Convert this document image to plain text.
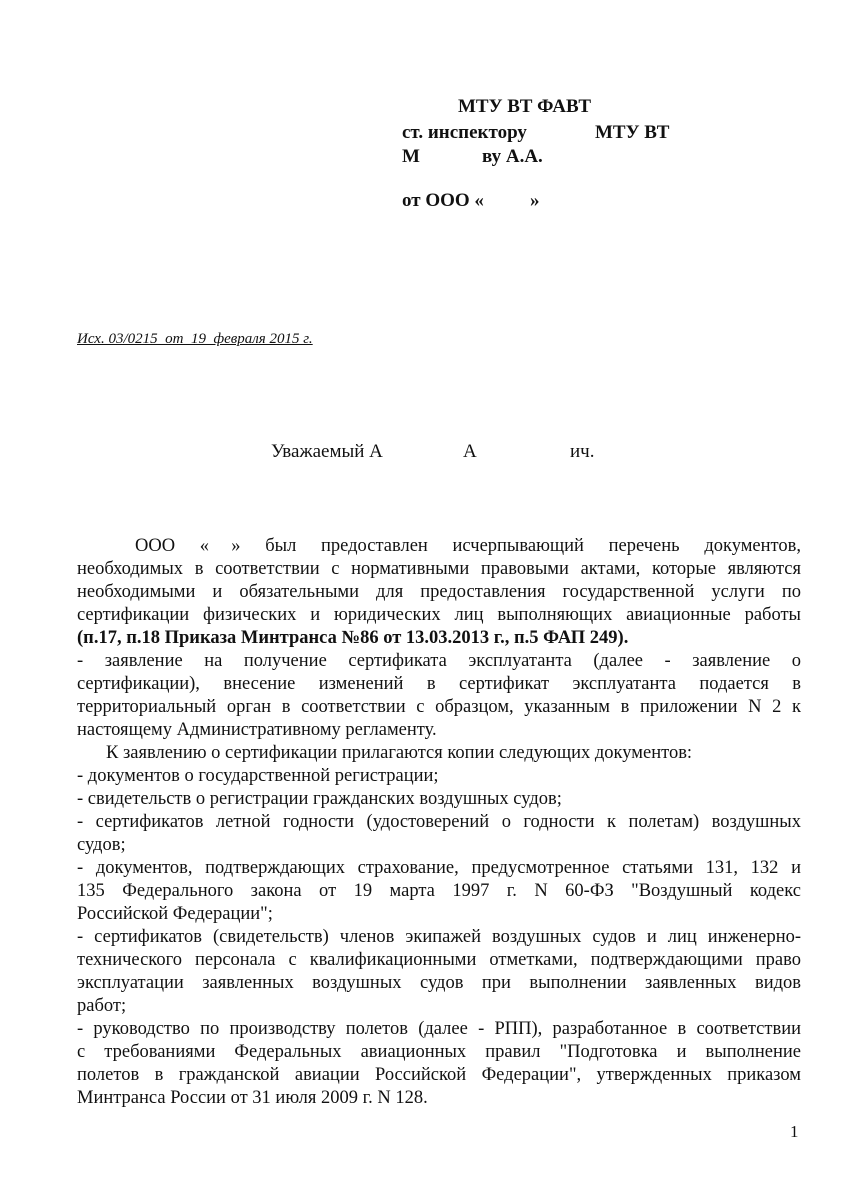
МТУ ВТ ФАВТ
ст. инспектору	МТУ ВТ
М	ву А.А.
от ООО « »
Исх. 03/0215  от  19  февраля 2015 г.
Уважаемый А	А	ич.
ООО «      » был предоставлен исчерпывающий перечень документов,
необходимых в соответствии с нормативными правовыми актами, которые являются
необходимыми и обязательными для предоставления государственной услуги по
сертификации физических и юридических лиц выполняющих авиационные работы
(п.17, п.18 Приказа Минтранса №86 от 13.03.2013 г., п.5 ФАП 249).
- заявление на получение сертификата эксплуатанта (далее - заявление о
сертификации), внесение изменений в сертификат эксплуатанта подается в
территориальный орган в соответствии с образцом, указанным в приложении N 2 к
настоящему Административному регламенту.
К заявлению о сертификации прилагаются копии следующих документов:
- документов о государственной регистрации;
- свидетельств о регистрации гражданских воздушных судов;
- сертификатов летной годности (удостоверений о годности к полетам) воздушных
судов;
- документов, подтверждающих страхование, предусмотренное статьями 131, 132 и
135 Федерального закона от 19 марта 1997 г. N 60-ФЗ "Воздушный кодекс
Российской Федерации";
- сертификатов (свидетельств) членов экипажей воздушных судов и лиц инженерно-
технического персонала с квалификационными отметками, подтверждающими право
эксплуатации заявленных воздушных судов при выполнении заявленных видов
работ;
- руководство по производству полетов (далее - РПП), разработанное в соответствии
с требованиями Федеральных авиационных правил "Подготовка и выполнение
полетов в гражданской авиации Российской Федерации", утвержденных приказом
Минтранса России от 31 июля 2009 г. N 128.
1
